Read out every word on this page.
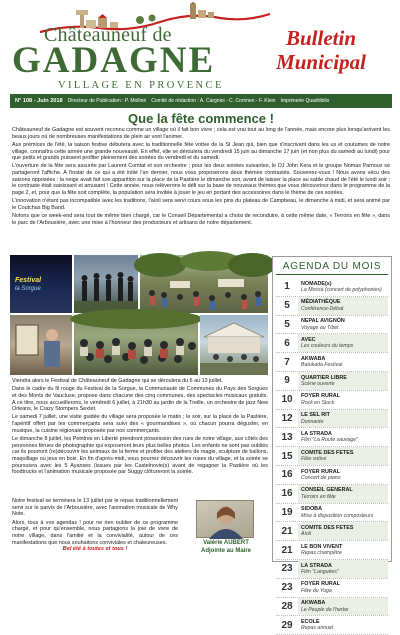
Châteauneuf de
GADAGNE
VILLAGE EN PROVENCE
Bulletin
Municipal
N° 108 - Juin 2018 Directeur de Publication : P. Molliné Comité de rédaction : A. Cargnioi - C. Cornnen - F. Klein Imprimerie Quadribilio
Que la fête commence !

Châteauneuf de Gadagne est souvent reconnu comme un village où il fait bon vivre ; cela est vrai tout au long de l'année, mais encore plus lorsqu'arrivent les beaux jours où de nombreuses manifestations de plein air vont l'animer.

Aux prémices de l'été, la saison festive débutera avec la traditionnelle fête votive de la St Jean qui, bien que s'inscrivant dans les us et coutumes de notre village, connaîtra cette année une grande nouveauté. En effet, elle se déroulera du vendredi 15 juin au dimanche 17 juin (et non plus du samedi au lundi) pour que petits et grands puissent profiter pleinement des soirées du vendredi et du samedi.

L'ouverture de la fête sera assurée par Laurent Comtat et son orchestre ; pour les deux soirées suivantes, le DJ John Kera et le groupe Nomas Pamoux se partageront l'affiche. A l'instar de ce qui a été initié l'an dernier, nous vous proposerons deux thèmes contrastés. Souvenez-vous ! Nous avons vécu des saisons opposées : la neige avait fait son apparition sur la place de la Pastière le dimanche soir, avant de laisser la place au sable chaud de l'été le lundi soir ; le contraste était saisissant et amusant ! Cette année, nous relèverons le défi sur la base de nouveaux thèmes que vous découvrirez dans le programme de la page 2, et, pour que la fête soit complète, la population sera invitée à jouer le jeu en portant des accessoires dans le thème de ces soirées.

L'innovation n'étant pas incompatible avec les traditions, l'aïoli sera servi cours sous les pins du plateau de Campbeau, le dimanche à midi, et sera animé par le Coutchas Big Band.

Notons que ce week-end sera tout de même bien chargé, car le Conseil Départemental a choisi de reconduire, à cette même date, « Terroirs en fête », dans le parc de l'Arbousière, avec une mise à l'honneur des producteurs et artisans de notre département.

Festival
la Sorgue

Viendra alors le Festival de Châteauneuf de Gadagne qui se déroulera du 6 au 13 juillet.

Dans le cadre du fil rouge du Festival de la Sorgue, la Communauté de Communes du Pays des Sorgues et des Monts de Vaucluse, propose dans chacune des cinq communes, des spectacles musicaux gratuits. A ce titre, nous accueillerons, le vendredi 6 juillet, à 21h30 au jardin de la Treille, un orchestre de jazz New Orleans, le Crazy Stompers Sextet.

Le samedi 7 juillet, une visite guidée du village sera proposée le matin ; le soir, sur la place de la Pastière, l'apéritif offert par les commerçants sera suivi des « gourmandises », où chacun pourra déguster, en musique, la cuisine régionale proposée par nos commerçants.

Le dimanche 8 juillet, les Peintres en Liberté prendront possession des rues de notre village, aux côtés des personnes férues de photographie qui exposeront leurs plus belles photos. Les enfants ne sont pas oubliés car ils pourront (re)découvrir les animaux de la ferme et profiter des ateliers de magie, sculpture de ballons, maquillage ou jeux en bois. En fin d'après-midi, vous pourrez découvrir les ruses du village, et la soirée se poursuivra avec les 5 Ayanses (issues par les Castelnovie(s) avant de regagner la Pastière où les foodtrucks et l'animation musicale proposée par Suggy clôtureront la soirée.

Notre festival se terminera le 13 juillet par le repas traditionnellement servi sur le parvis de l'Arbousière, avec l'animation musicale de Why Note.

Alors, tous à vos agendas ! pour ne rien oublier de ce programme chargé, et pour qu'ensemble, nous partagions la joie de vivre de notre village, dans l'amitié et la convivialité, autour de ces manifestations que nous souhaitons conviviales et chaleureuses.

Bel été à toutes et tous !
Valérie AUBERT
Adjointe au Maire
AGENDA DU MOIS
1	NOMADE(s)
La Mossa (concert de polyphonies)
5	MÉDIATHÈQUE
Conférence-Débat
5	NEPAL AVIGNON
Voyage au Tibet
6	AVEC
Les couleurs du temps
7	AKWABA
Batukada Festival
9	QUARTIER LIBRE
Scène ouverte
10	FOYER RURAL
Rock en Stock
12	LE SEL RIT
Donnante
13	LA STRADA
Film "La Route sauvage"
15	COMITE DES FETES
Fête votive
16	FOYER RURAL
Concert de piano
16	CONSEIL GENERAL
Terroirs en fête
19	SIDOBA
Mise à disposition composteurs
21	COMITE DES FETES
Aïoli
21	LE BON VIVENT
Repas champêtre
23	LA STRADA
Film "Languées"
23	FOYER RURAL
Fête du Yoga
28	AKWABA
Le Peuple de l'herbe
29	ECOLE
Repas annuel
